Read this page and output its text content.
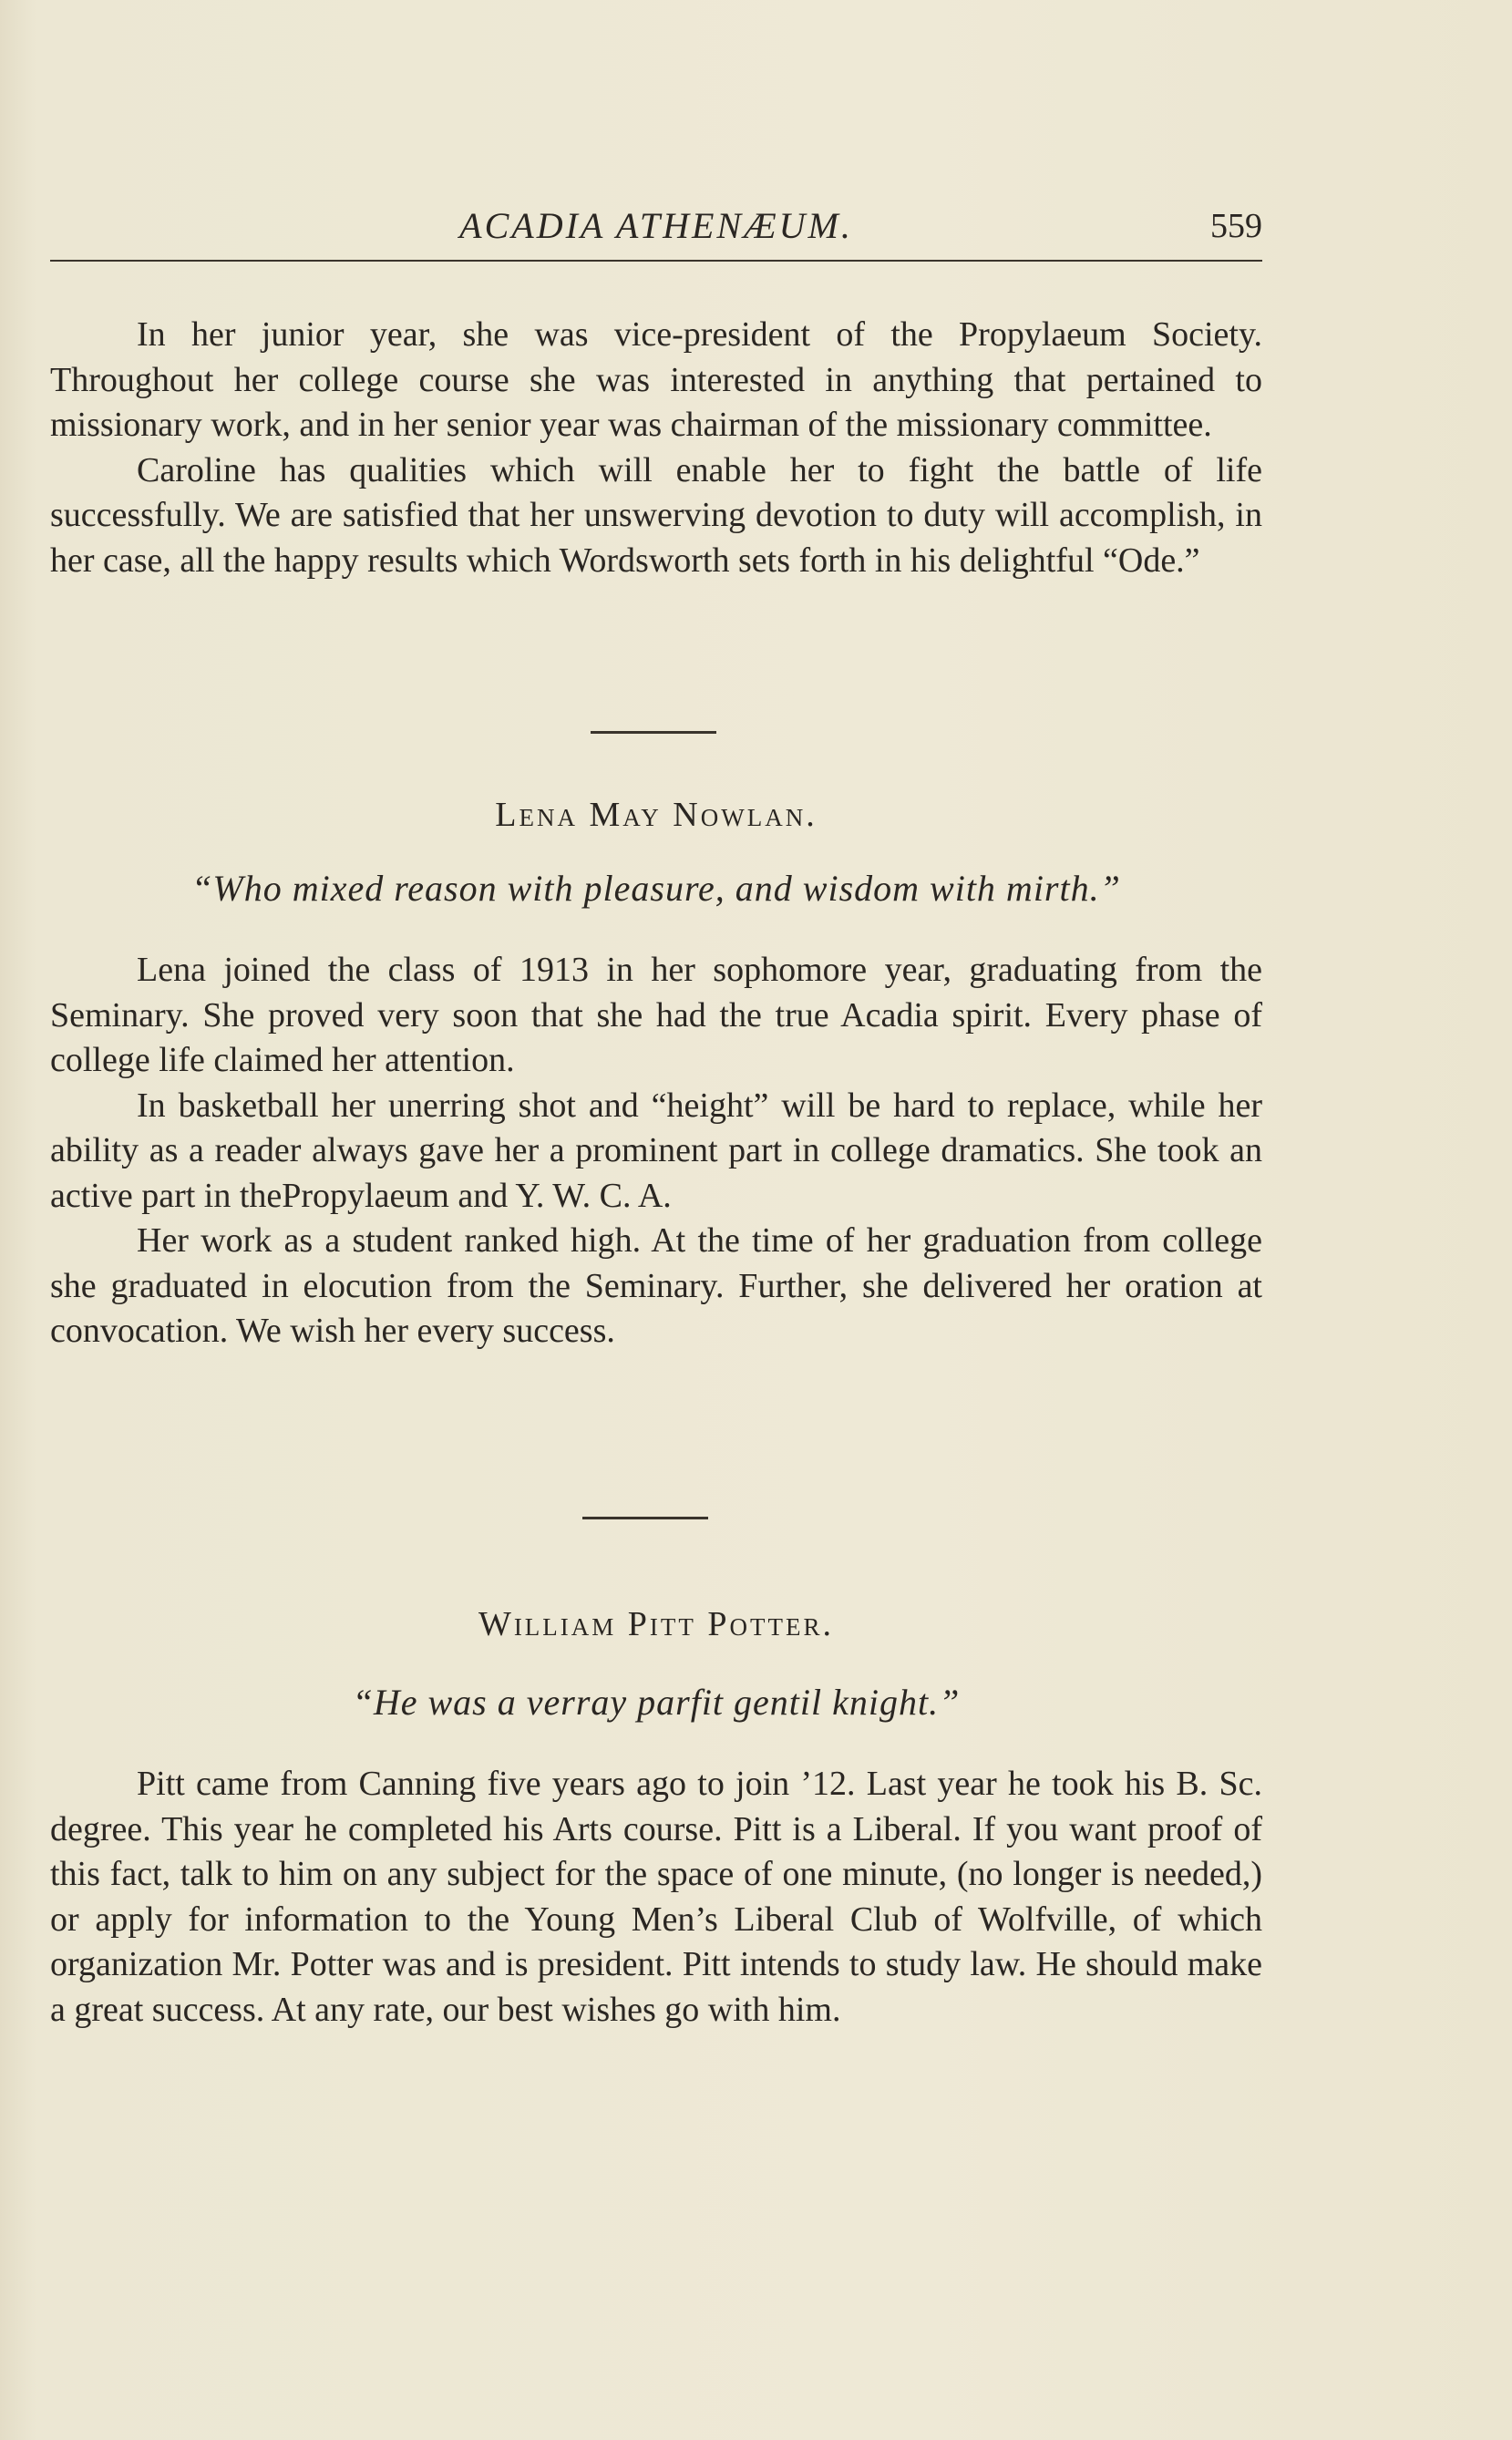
ACADIA ATHENÆUM.	559

In her junior year, she was vice-president of the Propylaeum Society. Throughout her college course she was interested in anything that pertained to missionary work, and in her senior year was chairman of the missionary committee.

Caroline has qualities which will enable her to fight the battle of life successfully. We are satisfied that her unswerving devotion to duty will accomplish, in her case, all the happy results which Wordsworth sets forth in his delightful “Ode.”

Lena May Nowlan.
“Who mixed reason with pleasure, and wisdom with mirth.”

Lena joined the class of 1913 in her sophomore year, graduating from the Seminary. She proved very soon that she had the true Acadia spirit. Every phase of college life claimed her attention.

In basketball her unerring shot and “height” will be hard to replace, while her ability as a reader always gave her a prominent part in college dramatics. She took an active part in thePropylaeum and Y. W. C. A.

Her work as a student ranked high. At the time of her graduation from college she graduated in elocution from the Seminary. Further, she delivered her oration at convocation. We wish her every success.

William Pitt Potter.
“He was a verray parfit gentil knight.”

Pitt came from Canning five years ago to join ’12. Last year he took his B. Sc. degree. This year he completed his Arts course. Pitt is a Liberal. If you want proof of this fact, talk to him on any subject for the space of one minute, (no longer is needed,) or apply for information to the Young Men’s Liberal Club of Wolfville, of which organization Mr. Potter was and is president. Pitt intends to study law. He should make a great success. At any rate, our best wishes go with him.
